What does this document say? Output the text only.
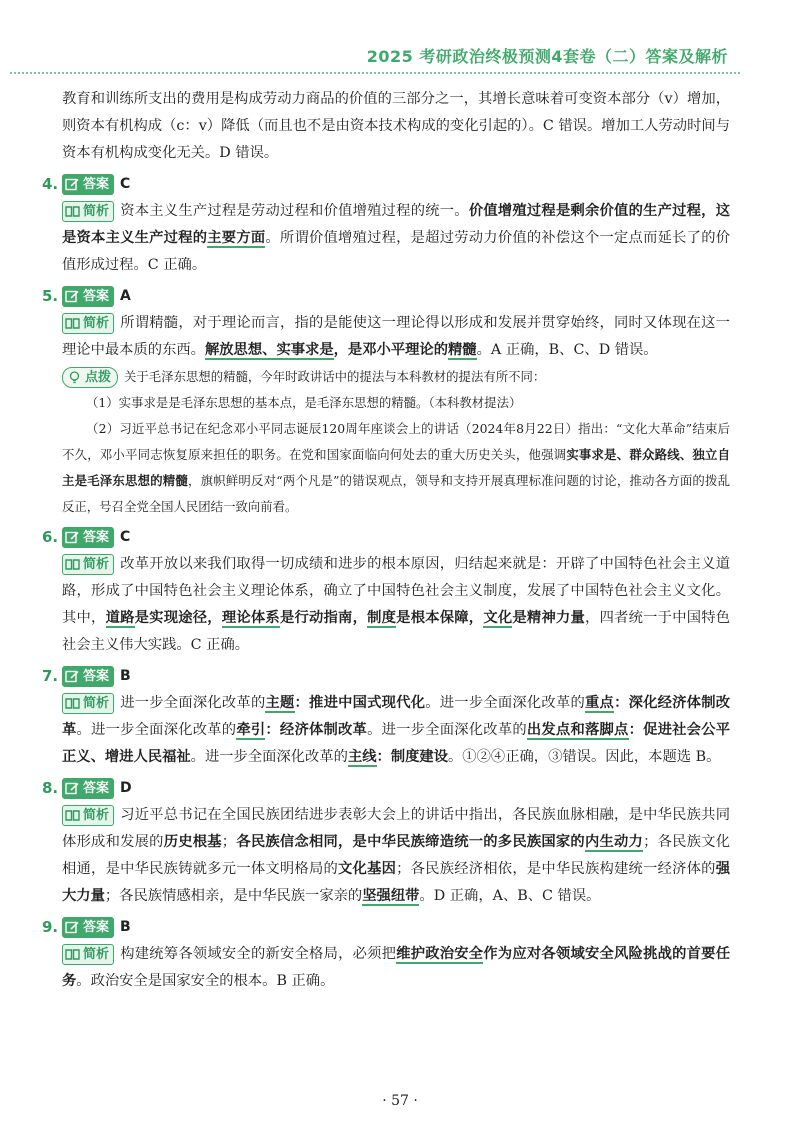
2025 考研政治终极预测4套卷（二）答案及解析

教育和训练所支出的费用是构成劳动力商品的价值的三部分之一，其增长意味着可变资本部分（v）增加，则资本有机构成（c：v）降低（而且也不是由资本技术构成的变化引起的）。C 错误。增加工人劳动时间与资本有机构成变化无关。D 错误。

4. 答案 C

简析 资本主义生产过程是劳动过程和价值增殖过程的统一。价值增殖过程是剩余价值的生产过程，这是资本主义生产过程的主要方面。所谓价值增殖过程，是超过劳动力价值的补偿这个一定点而延长了的价值形成过程。C 正确。

5. 答案 A

简析 所谓精髓，对于理论而言，指的是能使这一理论得以形成和发展并贯穿始终，同时又体现在这一理论中最本质的东西。解放思想、实事求是，是邓小平理论的精髓。A 正确，B、C、D 错误。

点拨 关于毛泽东思想的精髓，今年时政讲话中的提法与本科教材的提法有所不同：

（1）实事求是是毛泽东思想的基本点，是毛泽东思想的精髓。（本科教材提法）

（2）习近平总书记在纪念邓小平同志诞辰120周年座谈会上的讲话（2024年8月22日）指出：“文化大革命”结束后不久，邓小平同志恢复原来担任的职务。在党和国家面临向何处去的重大历史关头，他强调实事求是、群众路线、独立自主是毛泽东思想的精髓，旗帜鲜明反对“两个凡是”的错误观点，领导和支持开展真理标准问题的讨论，推动各方面的拨乱反正，号召全党全国人民团结一致向前看。

6. 答案 C

简析 改革开放以来我们取得一切成绩和进步的根本原因，归结起来就是：开辟了中国特色社会主义道路，形成了中国特色社会主义理论体系，确立了中国特色社会主义制度，发展了中国特色社会主义文化。其中，道路是实现途径，理论体系是行动指南，制度是根本保障，文化是精神力量，四者统一于中国特色社会主义伟大实践。C 正确。

7. 答案 B

简析 进一步全面深化改革的主题：推进中国式现代化。进一步全面深化改革的重点：深化经济体制改革。进一步全面深化改革的牵引：经济体制改革。进一步全面深化改革的出发点和落脚点：促进社会公平正义、增进人民福祉。进一步全面深化改革的主线：制度建设。①②④正确，③错误。因此，本题选 B。

8. 答案 D

简析 习近平总书记在全国民族团结进步表彰大会上的讲话中指出，各民族血脉相融，是中华民族共同体形成和发展的历史根基；各民族信念相同，是中华民族缔造统一的多民族国家的内生动力；各民族文化相通，是中华民族铸就多元一体文明格局的文化基因；各民族经济相依，是中华民族构建统一经济体的强大力量；各民族情感相亲，是中华民族一家亲的坚强纽带。D 正确，A、B、C 错误。

9. 答案 B

简析 构建统筹各领域安全的新安全格局，必须把维护政治安全作为应对各领域安全风险挑战的首要任务。政治安全是国家安全的根本。B 正确。

· 57 ·
